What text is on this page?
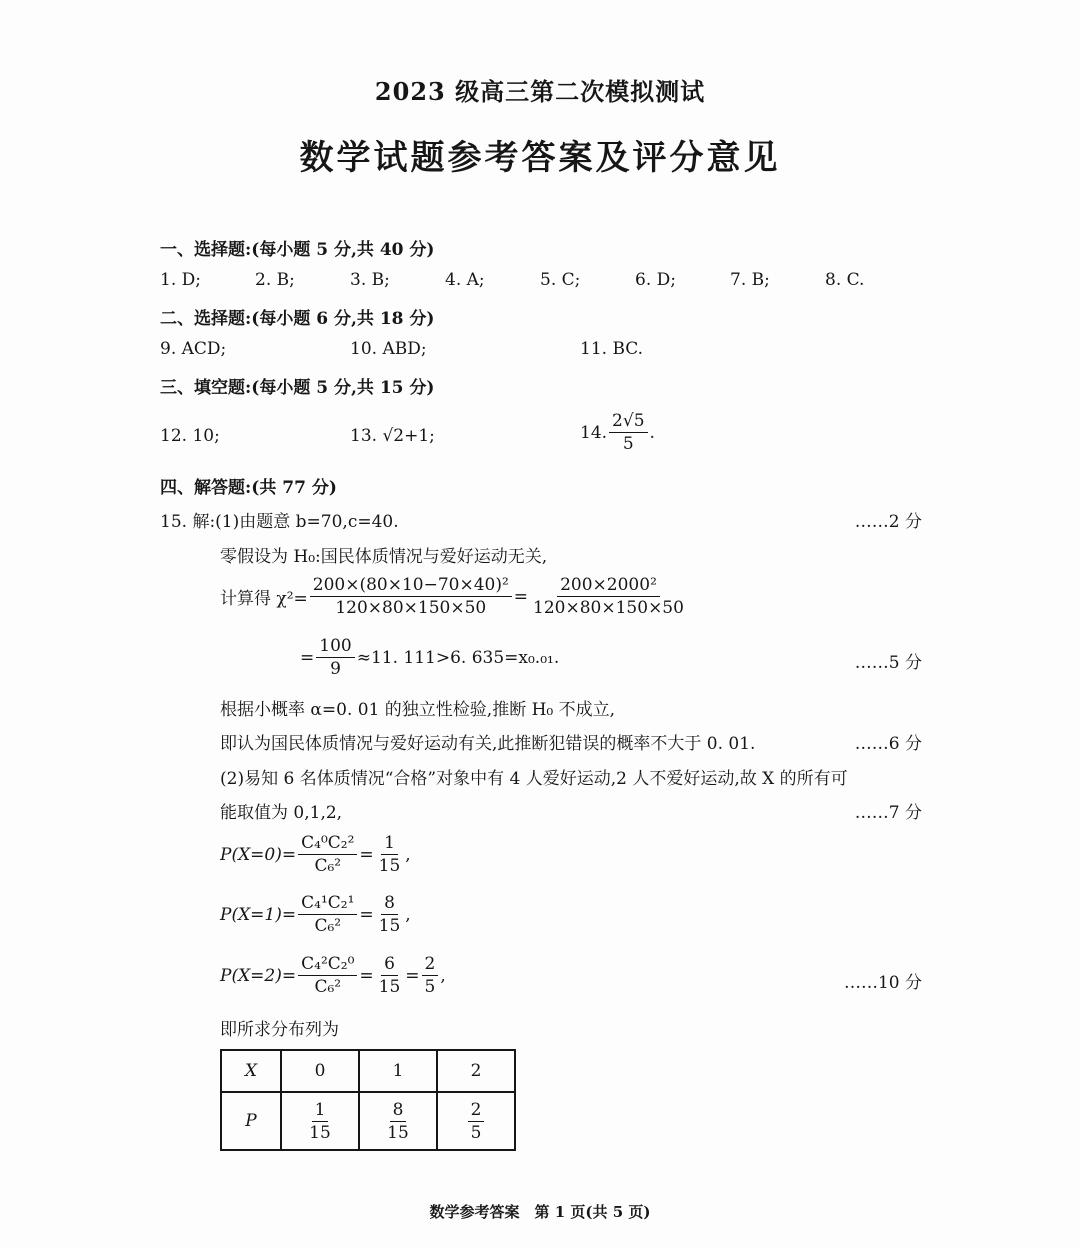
2023 级高三第二次模拟测试
数学试题参考答案及评分意见
一、选择题:(每小题 5 分,共 40 分)
1. D;	2. B;	3. B;	4. A;	5. C;	6. D;	7. B;	8. C.
二、选择题:(每小题 6 分,共 18 分)
9. ACD;	10. ABD;	11. BC.
三、填空题:(每小题 5 分,共 15 分)
12. 10;	13. √2+1;	14. $\frac{2√5}{5}$ .
四、解答题:(共 77 分)
15. 解:(1)由题意 b=70,c=40.	……2 分
零假设为 H₀:国民体质情况与爱好运动无关,
计算得 $\chi^2= \frac{\text{200×(80×10−70×40)²}}{120\times 80\times 150\times 50} = \frac{\text{200×2000²}}{120\times 80\times 150\times 50}$
= $\frac{100}{9} \approx 11$. 111>6. 635=x₀.₀₁.	……5 分
根据小概率 α=0. 01 的独立性检验,推断 H₀ 不成立,
即认为国民体质情况与爱好运动有关,此推断犯错误的概率不大于 0. 01.	……6 分
(2)易知 6 名体质情况“合格”对象中有 4 人爱好运动,2 人不爱好运动,故 X 的所有可
能取值为 0,1,2,	……7 分
$P(X=0)= \frac{\text{C₄⁰C₂²}}{\text{C₆²}} = \frac{1}{15}$ ,
$P(X=1)= \frac{\text{C₄¹C₂¹}}{\text{C₆²}} = \frac{8}{15}$ ,
$P(X=2)= \frac{\text{C₄²C₂⁰}}{\text{C₆²}} = \frac{6}{15} = \frac{2}{5}$ ,	……10 分
即所求分布列为
X	0	1	2
P	$\frac{1}{15}$	$\frac{8}{15}$	$\frac{2}{5}$
数学参考答案　第 1 页(共 5 页)
